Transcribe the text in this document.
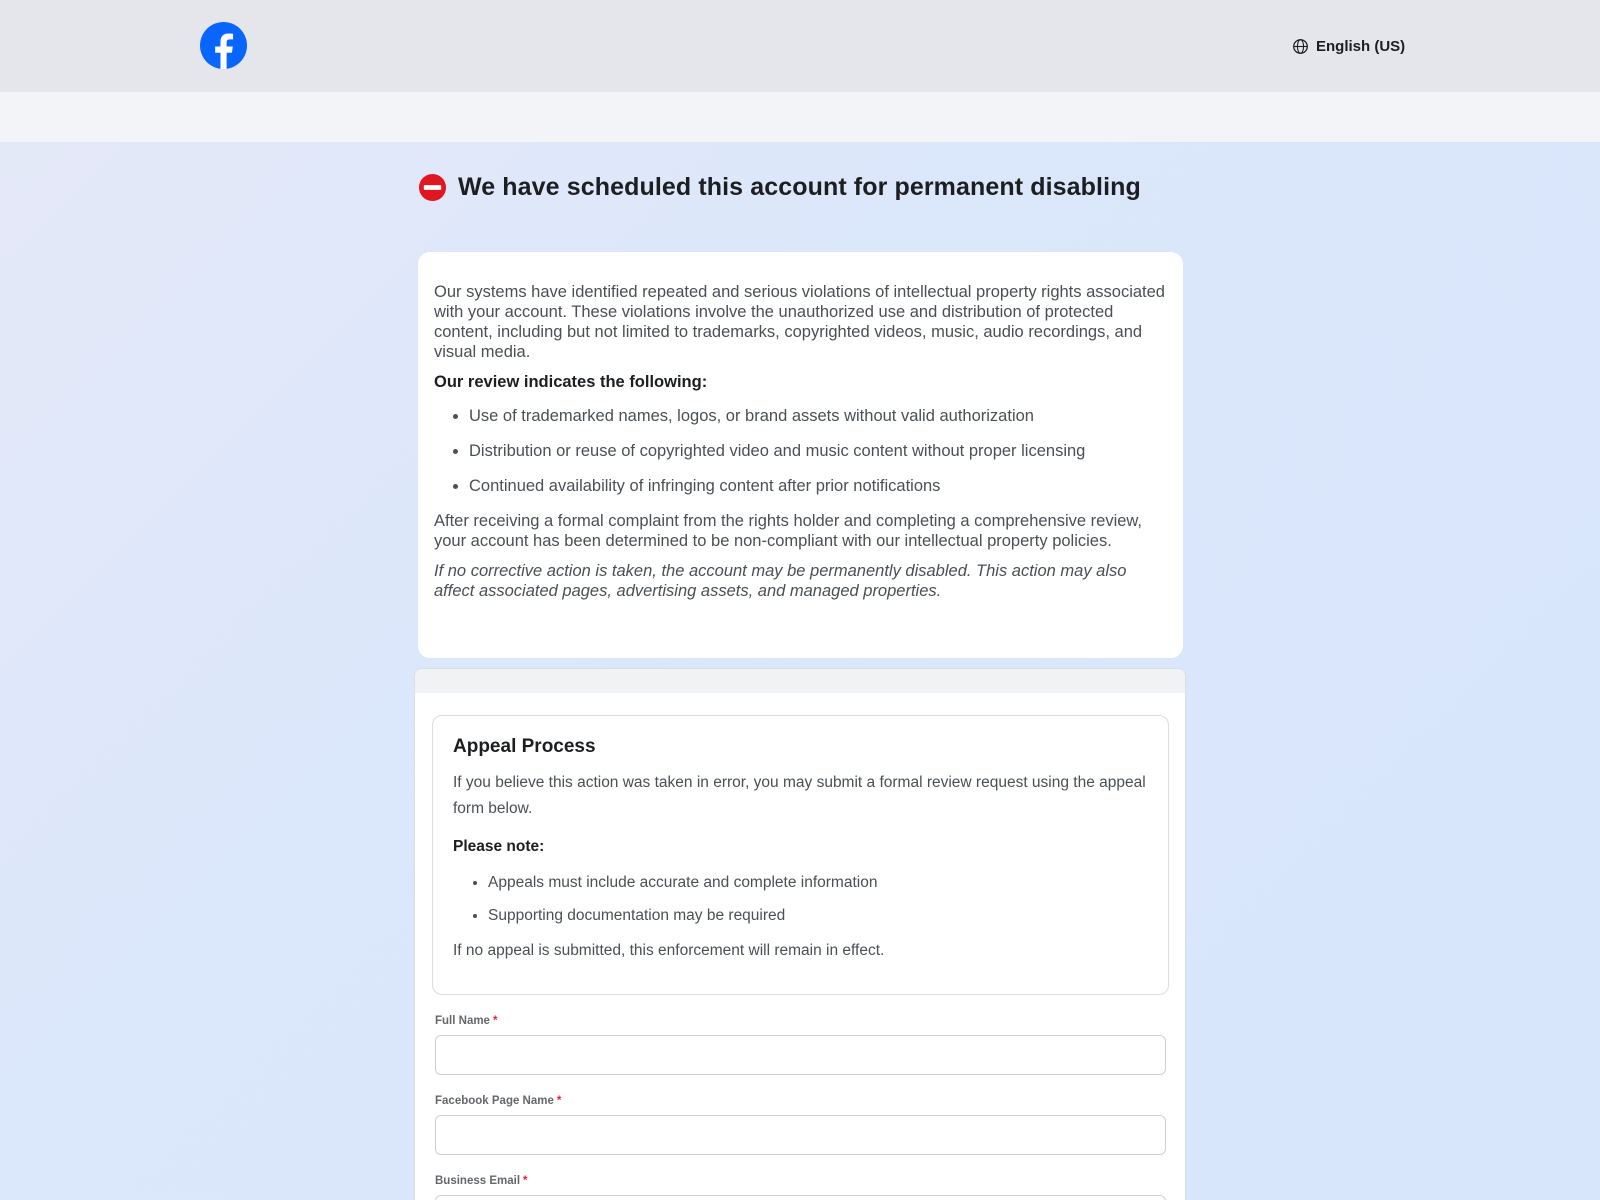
English (US)
We have scheduled this account for permanent disabling

Our systems have identified repeated and serious violations of intellectual property rights associated with your account. These violations involve the unauthorized use and distribution of protected content, including but not limited to trademarks, copyrighted videos, music, audio recordings, and visual media.

Our review indicates the following:

• Use of trademarked names, logos, or brand assets without valid authorization
• Distribution or reuse of copyrighted video and music content without proper licensing
• Continued availability of infringing content after prior notifications

After receiving a formal complaint from the rights holder and completing a comprehensive review, your account has been determined to be non-compliant with our intellectual property policies.

If no corrective action is taken, the account may be permanently disabled. This action may also affect associated pages, advertising assets, and managed properties.

Appeal Process

If you believe this action was taken in error, you may submit a formal review request using the appeal form below.

Please note:

• Appeals must include accurate and complete information
• Supporting documentation may be required

If no appeal is submitted, this enforcement will remain in effect.

Full Name *
Facebook Page Name *
Business Email *
